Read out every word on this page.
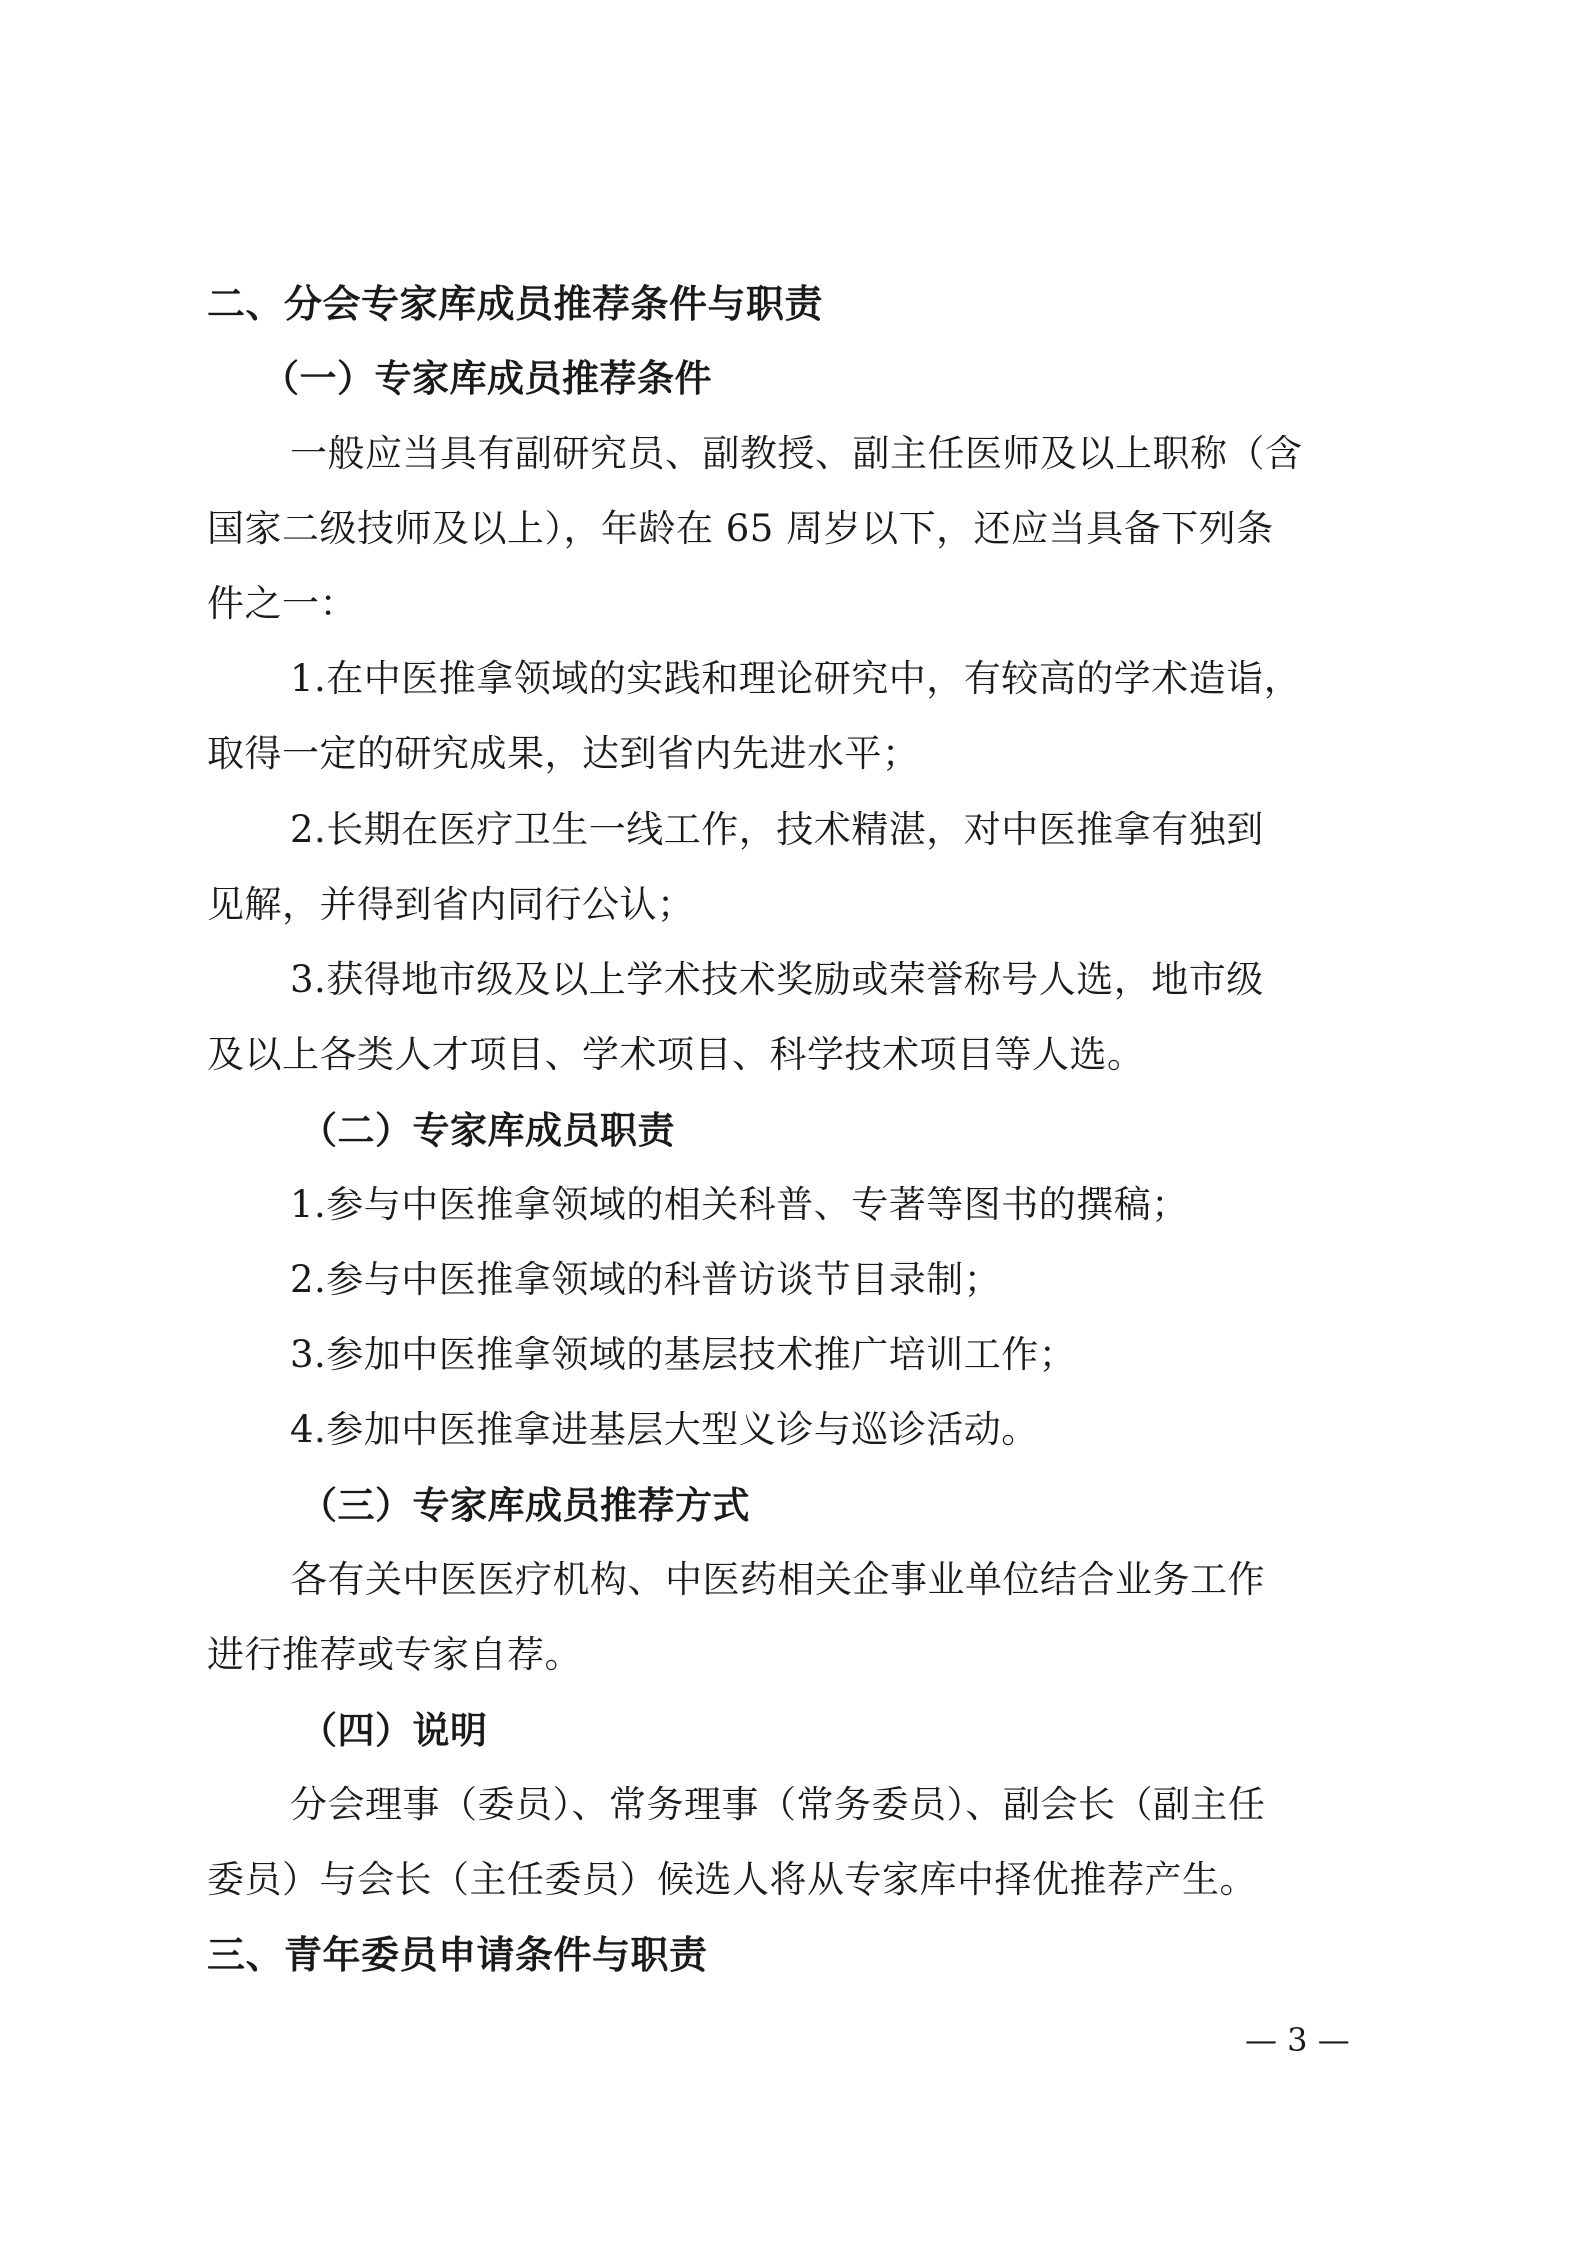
二、分会专家库成员推荐条件与职责
（一）专家库成员推荐条件
一般应当具有副研究员、副教授、副主任医师及以上职称（含
国家二级技师及以上），年龄在 65 周岁以下，还应当具备下列条
件之一：
1.在中医推拿领域的实践和理论研究中，有较高的学术造诣，
取得一定的研究成果，达到省内先进水平；
2.长期在医疗卫生一线工作，技术精湛，对中医推拿有独到
见解，并得到省内同行公认；
3.获得地市级及以上学术技术奖励或荣誉称号人选，地市级
及以上各类人才项目、学术项目、科学技术项目等人选。
（二）专家库成员职责
1.参与中医推拿领域的相关科普、专著等图书的撰稿；
2.参与中医推拿领域的科普访谈节目录制；
3.参加中医推拿领域的基层技术推广培训工作；
4.参加中医推拿进基层大型义诊与巡诊活动。
（三）专家库成员推荐方式
各有关中医医疗机构、中医药相关企事业单位结合业务工作
进行推荐或专家自荐。
（四）说明
分会理事（委员）、常务理事（常务委员）、副会长（副主任
委员）与会长（主任委员）候选人将从专家库中择优推荐产生。
三、青年委员申请条件与职责
— 3 —
